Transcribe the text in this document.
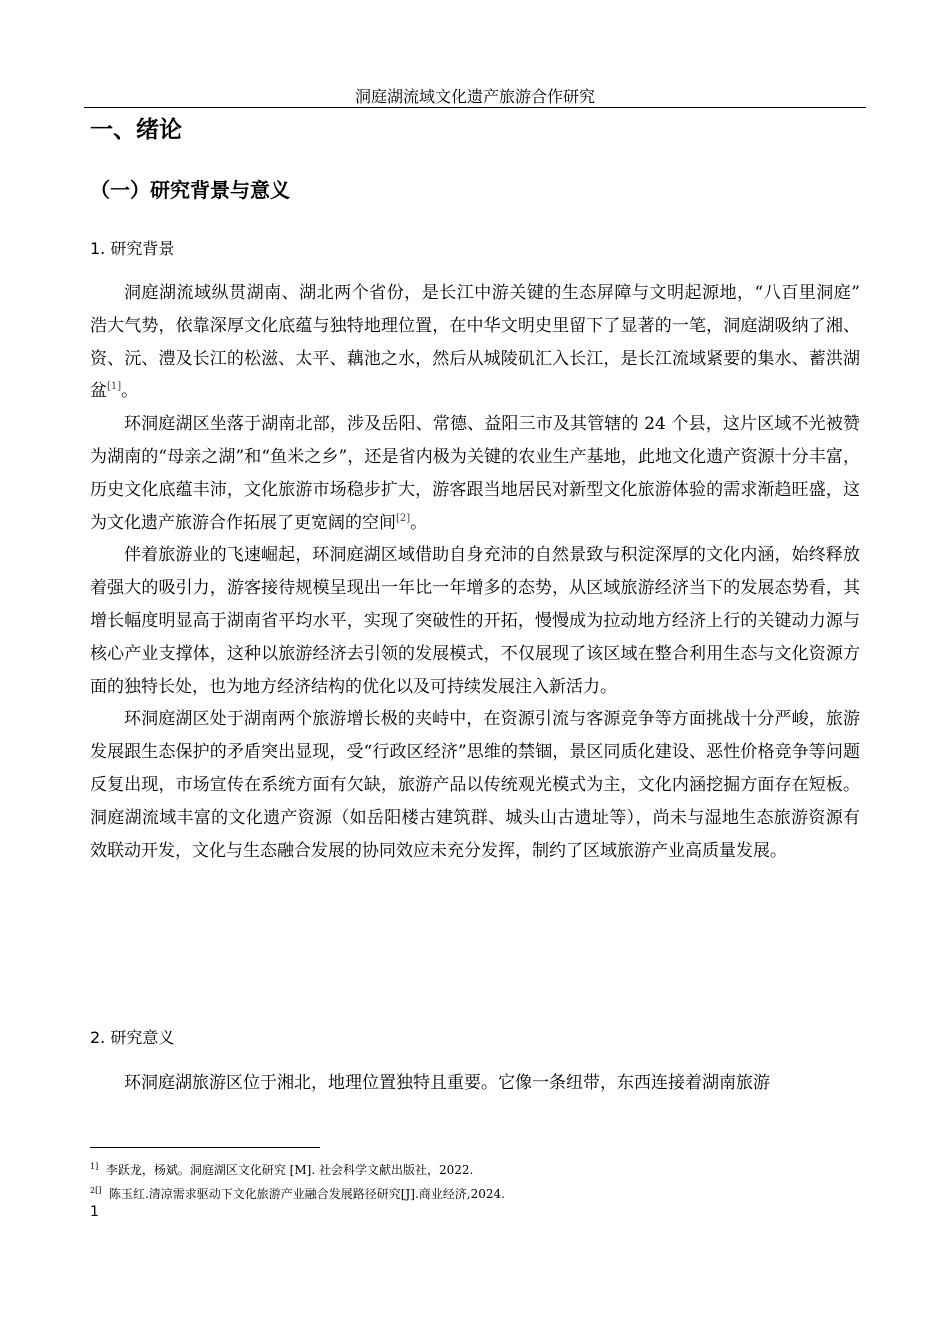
洞庭湖流域文化遗产旅游合作研究
一、绪论
（一）研究背景与意义
1. 研究背景

洞庭湖流域纵贯湖南、湖北两个省份，是长江中游关键的生态屏障与文明起源地，“八百里洞庭” 浩大气势，依靠深厚文化底蕴与独特地理位置，在中华文明史里留下了显著的一笔，洞庭湖吸纳了湘、资、沅、澧及长江的松滋、太平、藕池之水，然后从城陵矶汇入长江，是长江流域紧要的集水、蓄洪湖盆[1]。

环洞庭湖区坐落于湖南北部，涉及岳阳、常德、益阳三市及其管辖的 24 个县，这片区域不光被赞为湖南的“母亲之湖”和“鱼米之乡”，还是省内极为关键的农业生产基地，此地文化遗产资源十分丰富，历史文化底蕴丰沛，文化旅游市场稳步扩大，游客跟当地居民对新型文化旅游体验的需求渐趋旺盛，这为文化遗产旅游合作拓展了更宽阔的空间[2]。

伴着旅游业的飞速崛起，环洞庭湖区域借助自身充沛的自然景致与积淀深厚的文化内涵，始终释放着强大的吸引力，游客接待规模呈现出一年比一年增多的态势，从区域旅游经济当下的发展态势看，其增长幅度明显高于湖南省平均水平，实现了突破性的开拓，慢慢成为拉动地方经济上行的关键动力源与核心产业支撑体，这种以旅游经济去引领的发展模式，不仅展现了该区域在整合利用生态与文化资源方面的独特长处，也为地方经济结构的优化以及可持续发展注入新活力。

环洞庭湖区处于湖南两个旅游增长极的夹峙中，在资源引流与客源竞争等方面挑战十分严峻，旅游发展跟生态保护的矛盾突出显现，受“行政区经济”思维的禁锢，景区同质化建设、恶性价格竞争等问题反复出现，市场宣传在系统方面有欠缺，旅游产品以传统观光模式为主，文化内涵挖掘方面存在短板。洞庭湖流域丰富的文化遗产资源（如岳阳楼古建筑群、城头山古遗址等），尚未与湿地生态旅游资源有效联动开发，文化与生态融合发展的协同效应未充分发挥，制约了区域旅游产业高质量发展。

2. 研究意义

环洞庭湖旅游区位于湘北，地理位置独特且重要。它像一条纽带，东西连接着湖南旅游

$^{1]}$ 李跃龙，杨斌。洞庭湖区文化研究 [M]. 社会科学文献出版社，2022.
$^{2[]}$ 陈玉红.清凉需求驱动下文化旅游产业融合发展路径研究[J].商业经济,2024.
1
